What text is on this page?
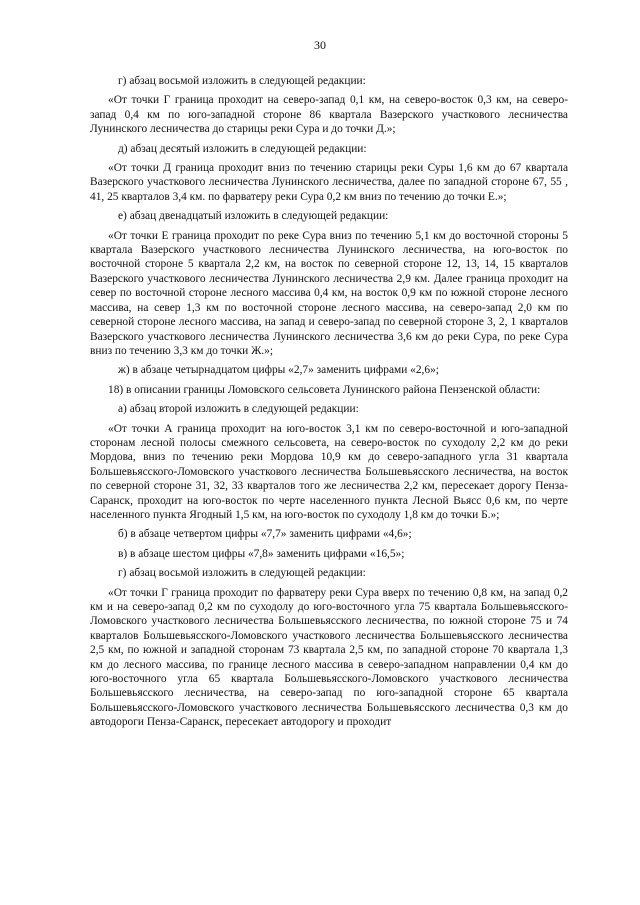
30

г) абзац восьмой изложить в следующей редакции:

«От точки Г граница проходит на северо-запад 0,1 км, на северо-восток 0,3 км, на северо-запад 0,4 км по юго-западной стороне 86 квартала Вазерского участкового лесничества Лунинского лесничества до старицы реки Сура и до точки Д.»;

д) абзац десятый изложить в следующей редакции:

«От точки Д граница проходит вниз по течению старицы реки Суры 1,6 км до 67 квартала Вазерского участкового лесничества Лунинского лесничества, далее по западной стороне 67, 55 , 41, 25 кварталов 3,4 км. по фарватеру реки Сура 0,2 км вниз по течению до точки Е.»;

е) абзац двенадцатый изложить в следующей редакции:

«От точки Е граница проходит по реке Сура вниз по течению 5,1 км до восточной стороны 5 квартала Вазерского участкового лесничества Лунинского лесничества, на юго-восток по восточной стороне 5 квартала 2,2 км, на восток по северной стороне 12, 13, 14, 15 кварталов Вазерского участкового лесничества Лунинского лесничества 2,9 км. Далее граница проходит на север по восточной стороне лесного массива 0,4 км, на восток 0,9 км по южной стороне лесного массива, на север 1,3 км по восточной стороне лесного массива, на северо-запад 2,0 км по северной стороне лесного массива, на запад и северо-запад по северной стороне 3, 2, 1 кварталов Вазерского участкового лесничества Лунинского лесничества 3,6 км до реки Сура, по реке Сура вниз по течению 3,3 км до точки Ж.»;

ж) в абзаце четырнадцатом цифры «2,7» заменить цифрами «2,6»;

18) в описании границы Ломовского сельсовета Лунинского района Пензенской области:

а) абзац второй изложить в следующей редакции:

«От точки А граница проходит на юго-восток 3,1 км по северо-восточной и юго-западной сторонам лесной полосы смежного сельсовета, на северо-восток по суходолу 2,2 км до реки Мордова, вниз по течению реки Мордова 10,9 км до северо-западного угла 31 квартала Большевьясского-Ломовского участкового лесничества Большевьясского лесничества, на восток по северной стороне 31, 32, 33 кварталов того же лесничества 2,2 км, пересекает дорогу Пенза-Саранск, проходит на юго-восток по черте населенного пункта Лесной Вьясс 0,6 км, по черте населенного пункта Ягодный 1,5 км, на юго-восток по суходолу 1,8 км до точки Б.»;

б) в абзаце четвертом цифры «7,7» заменить цифрами «4,6»;

в) в абзаце шестом цифры «7,8» заменить цифрами «16,5»;

г) абзац восьмой изложить в следующей редакции:

«От точки Г граница проходит по фарватеру реки Сура вверх по течению 0,8 км, на запад 0,2 км и на северо-запад 0,2 км по суходолу до юго-восточного угла 75 квартала Большевьясского-Ломовского участкового лесничества Большевьясского лесничества, по южной стороне 75 и 74 кварталов Большевьясского-Ломовского участкового лесничества Большевьясского лесничества 2,5 км, по южной и западной сторонам 73 квартала 2,5 км, по западной стороне 70 квартала 1,3 км до лесного массива, по границе лесного массива в северо-западном направлении 0,4 км до юго-восточного угла 65 квартала Большевьясского-Ломовского участкового лесничества Большевьясского лесничества, на северо-запад по юго-западной стороне 65 квартала Большевьясского-Ломовского участкового лесничества Большевьясского лесничества 0,3 км до автодороги Пенза-Саранск, пересекает автодорогу и проходит
